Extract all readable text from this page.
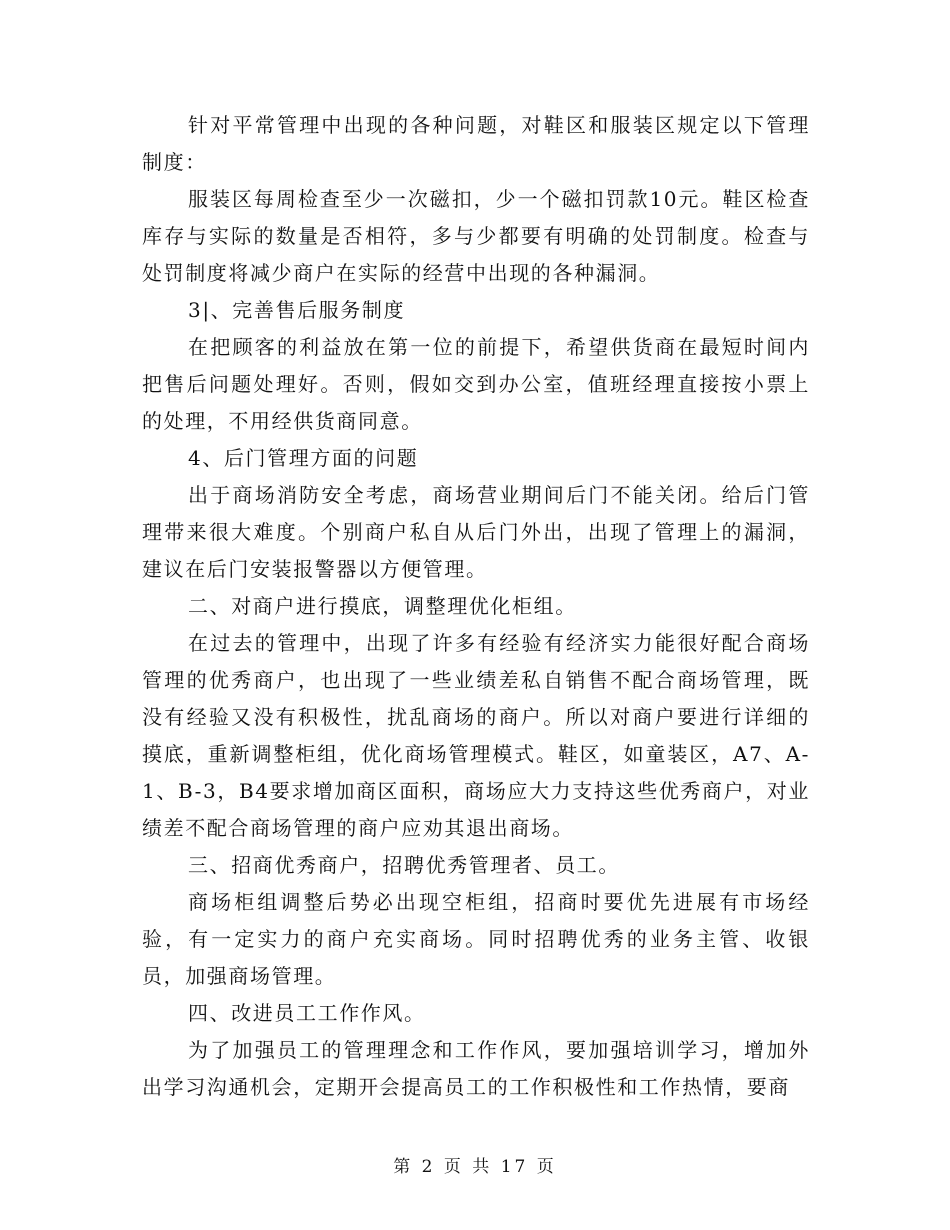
针对平常管理中出现的各种问题，对鞋区和服装区规定以下管理制度：

服装区每周检查至少一次磁扣，少一个磁扣罚款10元。鞋区检查库存与实际的数量是否相符，多与少都要有明确的处罚制度。检查与处罚制度将减少商户在实际的经营中出现的各种漏洞。

3|、完善售后服务制度

在把顾客的利益放在第一位的前提下，希望供货商在最短时间内把售后问题处理好。否则，假如交到办公室，值班经理直接按小票上的处理，不用经供货商同意。

4、后门管理方面的问题

出于商场消防安全考虑，商场营业期间后门不能关闭。给后门管理带来很大难度。个别商户私自从后门外出，出现了管理上的漏洞，建议在后门安装报警器以方便管理。

二、对商户进行摸底，调整理优化柜组。

在过去的管理中，出现了许多有经验有经济实力能很好配合商场管理的优秀商户，也出现了一些业绩差私自销售不配合商场管理，既没有经验又没有积极性，扰乱商场的商户。所以对商户要进行详细的摸底，重新调整柜组，优化商场管理模式。鞋区，如童装区，A7、A-1、B-3，B4要求增加商区面积，商场应大力支持这些优秀商户，对业绩差不配合商场管理的商户应劝其退出商场。

三、招商优秀商户，招聘优秀管理者、员工。

商场柜组调整后势必出现空柜组，招商时要优先进展有市场经验，有一定实力的商户充实商场。同时招聘优秀的业务主管、收银员，加强商场管理。

四、改进员工工作作风。

为了加强员工的管理理念和工作作风，要加强培训学习，增加外出学习沟通机会，定期开会提高员工的工作积极性和工作热情，要商

第 2 页 共 17 页
